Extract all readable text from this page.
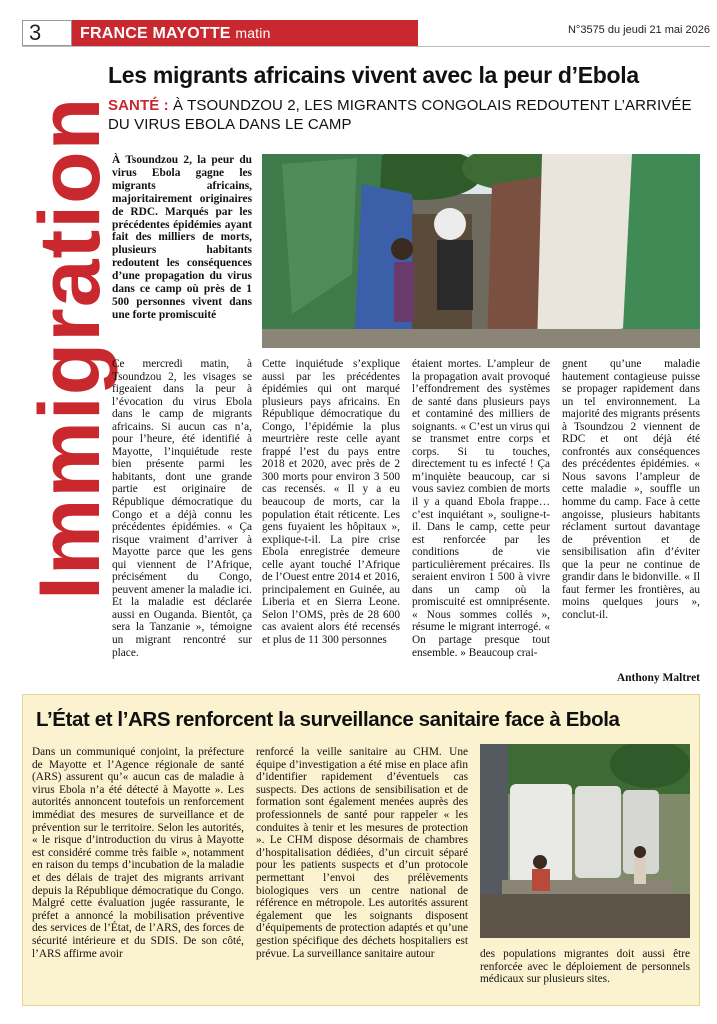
3	FRANCE MAYOTTE matin	N°3575 du jeudi 21 mai 2026
Immigration
Les migrants africains vivent avec la peur d’Ebola
SANTÉ : À TSOUNDZOU 2, LES MIGRANTS CONGOLAIS REDOUTENT L’ARRIVÉE DU VIRUS EBOLA DANS LE CAMP

À Tsoundzou 2, la peur du virus Ebola gagne les migrants africains, majoritairement originaires de RDC. Marqués par les précédentes épidémies ayant fait des milliers de morts, plusieurs habitants redoutent les conséquences d’une propagation du virus dans ce camp où près de 1 500 personnes vivent dans une forte promiscuité

Ce mercredi matin, à Tsoundzou 2, les visages se figeaient dans la peur à l’évocation du virus Ebola dans le camp de migrants africains. Si aucun cas n’a, pour l’heure, été identifié à Mayotte, l’inquiétude reste bien présente parmi les habitants, dont une grande partie est originaire de République démocratique du Congo et a déjà connu les précédentes épidémies. « Ça risque vraiment d’arriver à Mayotte parce que les gens qui viennent de l’Afrique, précisément du Congo, peuvent amener la maladie ici. Et la maladie est déclarée aussi en Ouganda. Bientôt, ça sera la Tanzanie », témoigne un migrant rencontré sur place.

Cette inquiétude s’explique aussi par les précédentes épidémies qui ont marqué plusieurs pays africains. En République démocratique du Congo, l’épidémie la plus meurtrière reste celle ayant frappé l’est du pays entre 2018 et 2020, avec près de 2 300 morts pour environ 3 500 cas recensés. « Il y a eu beaucoup de morts, car la population était réticente. Les gens fuyaient les hôpitaux », explique-t-il. La pire crise Ebola enregistrée demeure celle ayant touché l’Afrique de l’Ouest entre 2014 et 2016, principalement en Guinée, au Liberia et en Sierra Leone. Selon l’OMS, près de 28 600 cas avaient alors été recensés et plus de 11 300 personnes

étaient mortes. L’ampleur de la propagation avait provoqué l’effondrement des systèmes de santé dans plusieurs pays et contaminé des milliers de soignants. « C’est un virus qui se transmet entre corps et corps. Si tu touches, directement tu es infecté ! Ça m’inquiète beaucoup, car si vous saviez combien de morts il y a quand Ebola frappe… c’est inquiétant », souligne-t-il. Dans le camp, cette peur est renforcée par les conditions de vie particulièrement précaires. Ils seraient environ 1 500 à vivre dans un camp où la promiscuité est omniprésente. « Nous sommes collés », résume le migrant interrogé. « On partage presque tout ensemble. » Beaucoup crai-

gnent qu’une maladie hautement contagieuse puisse se propager rapidement dans un tel environnement. La majorité des migrants présents à Tsoundzou 2 viennent de RDC et ont déjà été confrontés aux conséquences des précédentes épidémies. « Nous savons l’ampleur de cette maladie », souffle un homme du camp. Face à cette angoisse, plusieurs habitants réclament surtout davantage de prévention et de sensibilisation afin d’éviter que la peur ne continue de grandir dans le bidonville. « Il faut fermer les frontières, au moins quelques jours », conclut-il.

Anthony Maltret
L’État et l’ARS renforcent la surveillance sanitaire face à Ebola

Dans un communiqué conjoint, la préfecture de Mayotte et l’Agence régionale de santé (ARS) assurent qu’« aucun cas de maladie à virus Ebola n’a été détecté à Mayotte ». Les autorités annoncent toutefois un renforcement immédiat des mesures de surveillance et de prévention sur le territoire. Selon les autorités, « le risque d’introduction du virus à Mayotte est considéré comme très faible », notamment en raison du temps d’incubation de la maladie et des délais de trajet des migrants arrivant depuis la République démocratique du Congo. Malgré cette évaluation jugée rassurante, le préfet a annoncé la mobilisation préventive des services de l’État, de l’ARS, des forces de sécurité intérieure et du SDIS. De son côté, l’ARS affirme avoir

renforcé la veille sanitaire au CHM. Une équipe d’investigation a été mise en place afin d’identifier rapidement d’éventuels cas suspects. Des actions de sensibilisation et de formation sont également menées auprès des professionnels de santé pour rappeler « les conduites à tenir et les mesures de protection ». Le CHM dispose désormais de chambres d’hospitalisation dédiées, d’un circuit séparé pour les patients suspects et d’un protocole permettant l’envoi des prélèvements biologiques vers un centre national de référence en métropole. Les autorités assurent également que les soignants disposent d’équipements de protection adaptés et qu’une gestion spécifique des déchets hospitaliers est prévue. La surveillance sanitaire autour	des populations migrantes doit aussi être renforcée avec le déploiement de personnels médicaux sur plusieurs sites.
